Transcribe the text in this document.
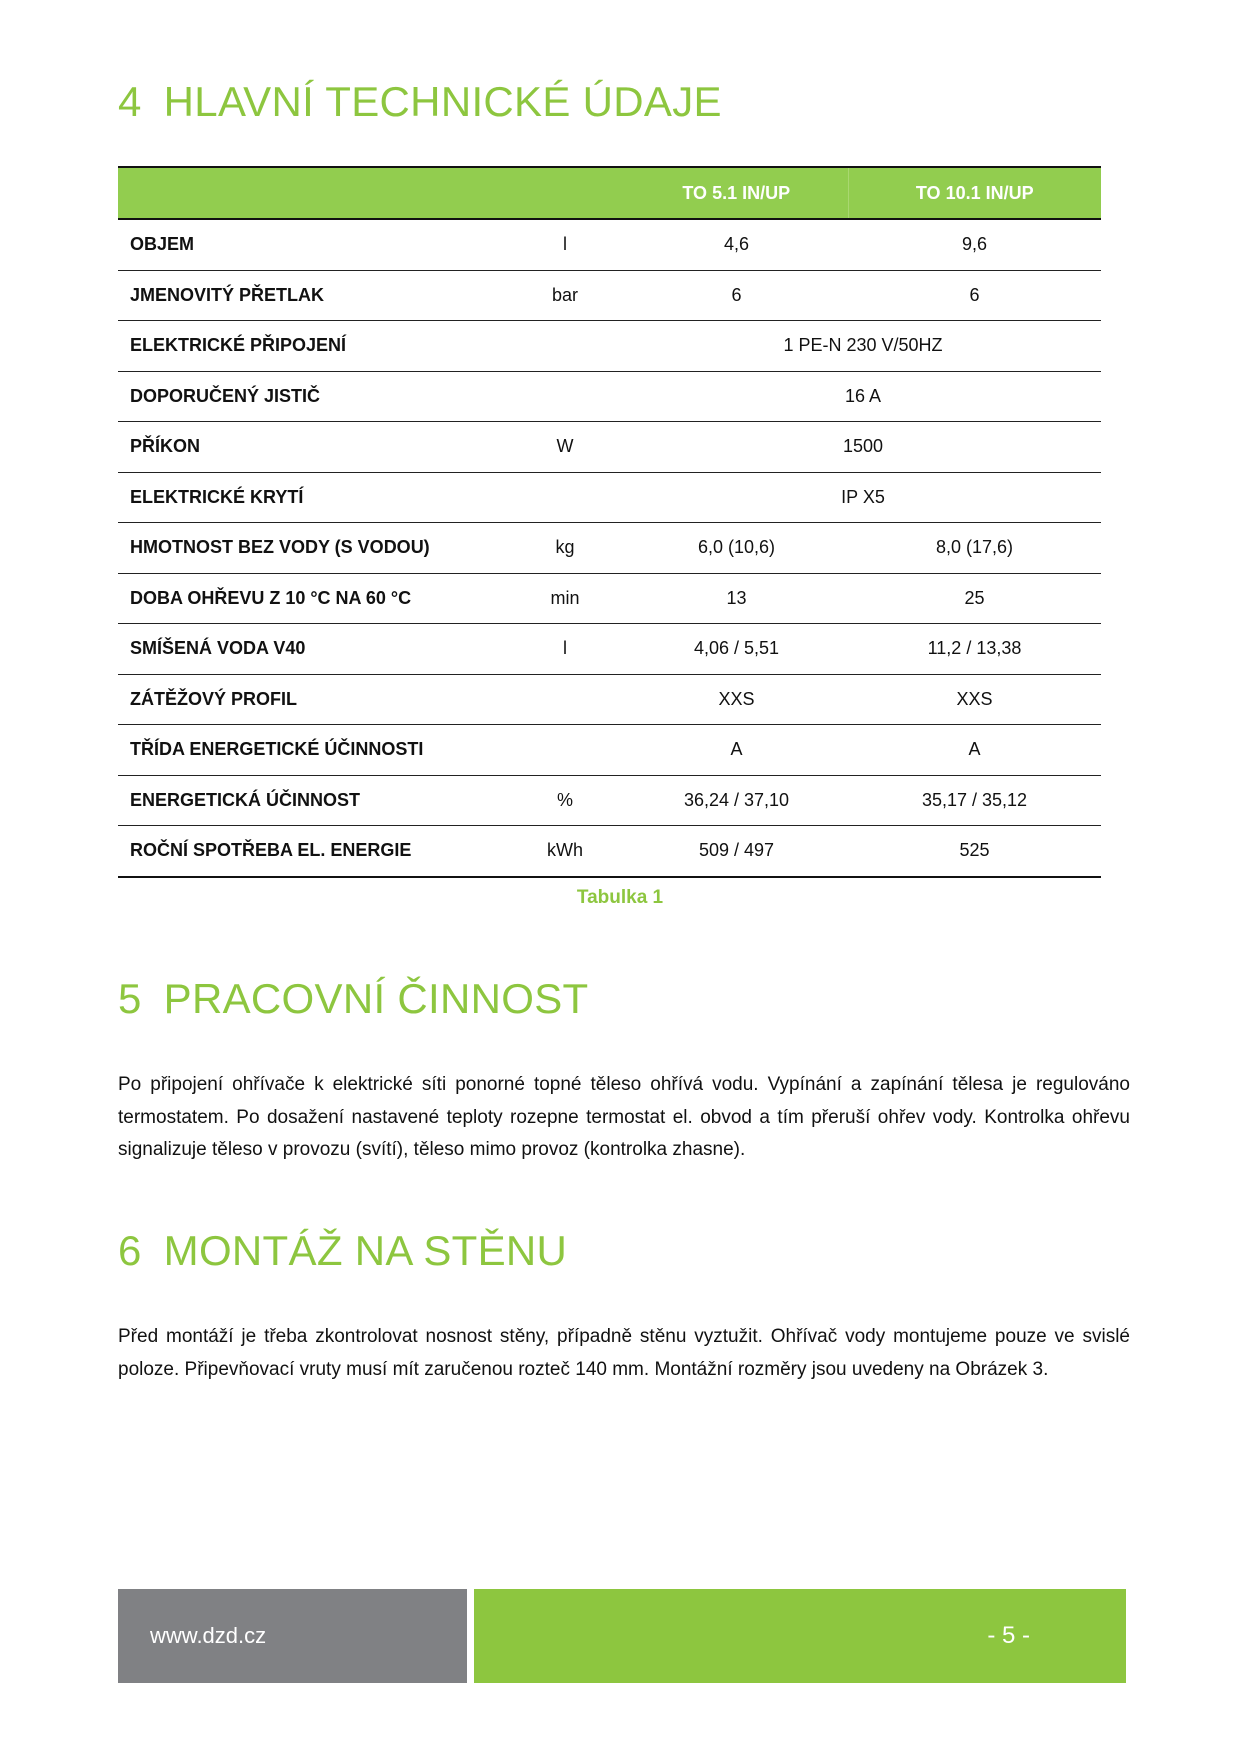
4 HLAVNÍ TECHNICKÉ ÚDAJE
		TO 5.1 IN/UP	TO 10.1 IN/UP
OBJEM	l	4,6	9,6
JMENOVITÝ PŘETLAK	bar	6	6
ELEKTRICKÉ PŘIPOJENÍ		1 PE-N 230 V/50HZ	
DOPORUČENÝ JISTIČ		16 A	
PŘÍKON	W	1500	
ELEKTRICKÉ KRYTÍ		IP X5	
HMOTNOST BEZ VODY (S VODOU)	kg	6,0 (10,6)	8,0 (17,6)
DOBA OHŘEVU Z 10 °C NA 60 °C	min	13	25
SMÍŠENÁ VODA V40	l	4,06 / 5,51	11,2 / 13,38
ZÁTĚŽOVÝ PROFIL		XXS	XXS
TŘÍDA ENERGETICKÉ ÚČINNOSTI		A	A
ENERGETICKÁ ÚČINNOST	%	36,24 / 37,10	35,17 / 35,12
ROČNÍ SPOTŘEBA EL. ENERGIE	kWh	509 / 497	525
Tabulka 1
5 PRACOVNÍ ČINNOST

Po připojení ohřívače k elektrické síti ponorné topné těleso ohřívá vodu. Vypínání a zapínání tělesa je regulováno termostatem. Po dosažení nastavené teploty rozepne termostat el. obvod a tím přeruší ohřev vody. Kontrolka ohřevu signalizuje těleso v provozu (svítí), těleso mimo provoz (kontrolka zhasne).

6 MONTÁŽ NA STĚNU

Před montáží je třeba zkontrolovat nosnost stěny, případně stěnu vyztužit. Ohřívač vody montujeme pouze ve svislé poloze. Připevňovací vruty musí mít zaručenou rozteč 140 mm. Montážní rozměry jsou uvedeny na Obrázek 3.

www.dzd.cz	- 5 -
